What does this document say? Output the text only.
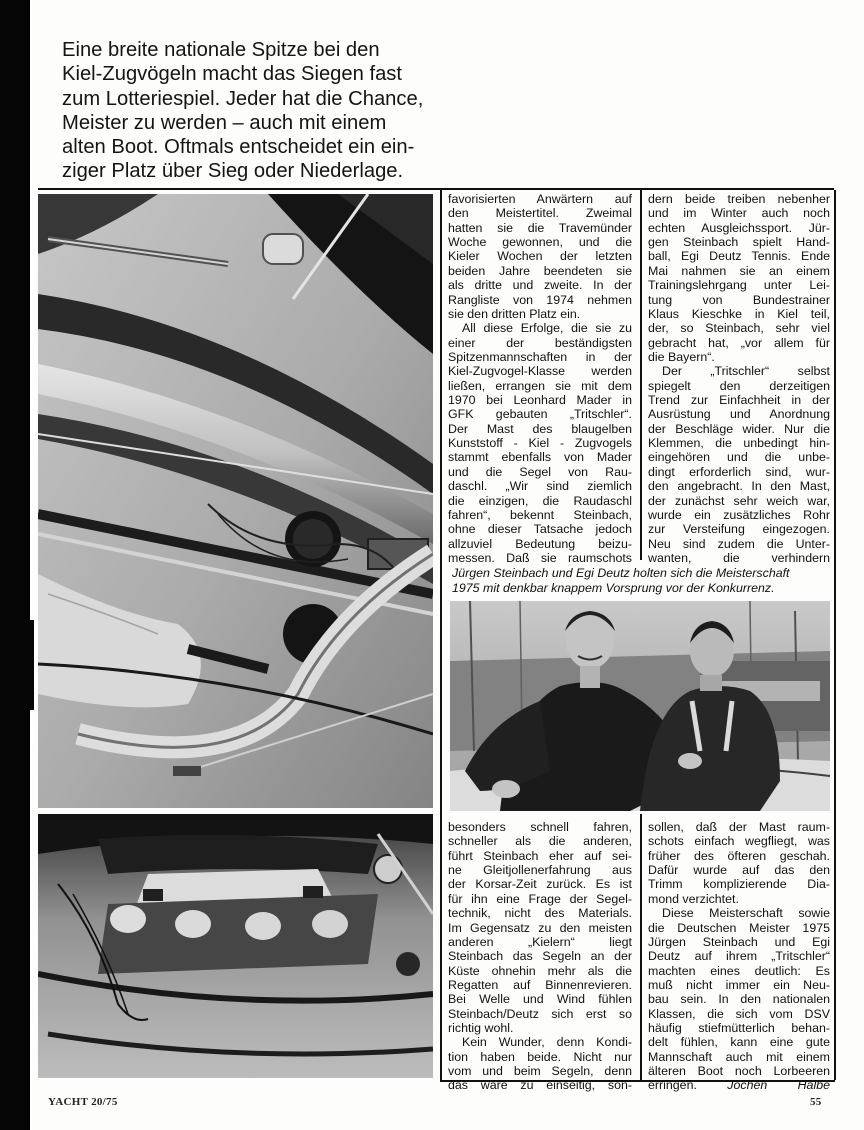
Eine breite nationale Spitze bei den
Kiel-Zugvögeln macht das Siegen fast
zum Lotteriespiel. Jeder hat die Chance,
Meister zu werden – auch mit einem
alten Boot. Oftmals entscheidet ein ein-
ziger Platz über Sieg oder Niederlage.

favorisierten Anwärtern auf
den Meistertitel. Zweimal
hatten sie die Travemünder
Woche gewonnen, und die
Kieler Wochen der letzten
beiden Jahre beendeten sie
als dritte und zweite. In der
Rangliste von 1974 nehmen
sie den dritten Platz ein.
All diese Erfolge, die sie zu
einer der beständigsten
Spitzenmannschaften in der
Kiel-Zugvogel-Klasse werden
ließen, errangen sie mit dem
1970 bei Leonhard Mader in
GFK gebauten „Tritschler“.
Der Mast des blaugelben
Kunststoff - Kiel - Zugvogels
stammt ebenfalls von Mader
und die Segel von Rau-
daschl. „Wir sind ziemlich
die einzigen, die Raudaschl
fahren“, bekennt Steinbach,
ohne dieser Tatsache jedoch
allzuviel Bedeutung beizu-
messen. Daß sie raumschots

dern beide treiben nebenher
und im Winter auch noch
echten Ausgleichssport. Jür-
gen Steinbach spielt Hand-
ball, Egi Deutz Tennis. Ende
Mai nahmen sie an einem
Trainingslehrgang unter Lei-
tung von Bundestrainer
Klaus Kieschke in Kiel teil,
der, so Steinbach, sehr viel
gebracht hat, „vor allem für
die Bayern“.
Der „Tritschler“ selbst
spiegelt den derzeitigen
Trend zur Einfachheit in der
Ausrüstung und Anordnung
der Beschläge wider. Nur die
Klemmen, die unbedingt hin-
eingehören und die unbe-
dingt erforderlich sind, wur-
den angebracht. In den Mast,
der zunächst sehr weich war,
wurde ein zusätzliches Rohr
zur Versteifung eingezogen.
Neu sind zudem die Unter-
wanten, die verhindern

Jürgen Steinbach und Egi Deutz holten sich die Meisterschaft
1975 mit denkbar knappem Vorsprung vor der Konkurrenz.

besonders schnell fahren,
schneller als die anderen,
führt Steinbach eher auf sei-
ne Gleitjollenerfahrung aus
der Korsar-Zeit zurück. Es ist
für ihn eine Frage der Segel-
technik, nicht des Materials.
Im Gegensatz zu den meisten
anderen „Kielern“ liegt
Steinbach das Segeln an der
Küste ohnehin mehr als die
Regatten auf Binnenrevieren.
Bei Welle und Wind fühlen
Steinbach/Deutz sich erst so
richtig wohl.
Kein Wunder, denn Kondi-
tion haben beide. Nicht nur
vom und beim Segeln, denn
das wäre zu einseitig, son-

sollen, daß der Mast raum-
schots einfach wegfliegt, was
früher des öfteren geschah.
Dafür wurde auf das den
Trimm komplizierende Dia-
mond verzichtet.
Diese Meisterschaft sowie
die Deutschen Meister 1975
Jürgen Steinbach und Egi
Deutz auf ihrem „Tritschler“
machten eines deutlich: Es
muß nicht immer ein Neu-
bau sein. In den nationalen
Klassen, die sich vom DSV
häufig stiefmütterlich behan-
delt fühlen, kann eine gute
Mannschaft auch mit einem
älteren Boot noch Lorbeeren
erringen. Jochen Halbe

YACHT 20/75	55
